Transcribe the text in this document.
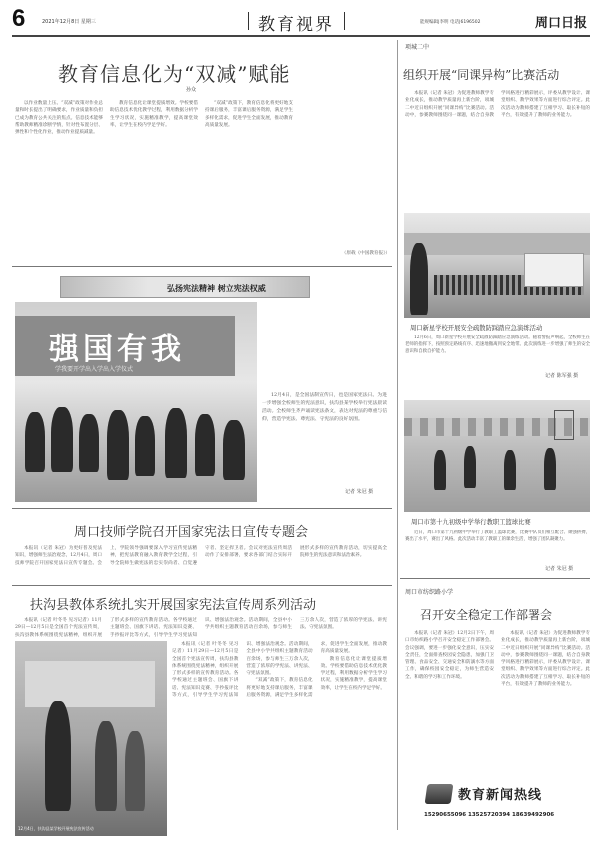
6	2021年12月8日 星期三	教育视界	能规编辑|李明 电话|6196502	周口日报
教育信息化为“双减”赋能
孙众

以作业数量上压、“双减”政策对作业总量和时长提出了明确要求，作业质量和负担已成为教育公共关注的焦点。信息技术能够帮助教师精准诊断学情，针对性布置分层、弹性和个性化作业，推动作业提质减量。

教育信息化让课堂提质增效。学校要借助信息技术优化教学过程，利用数据分析学生学习状况，实施精准教学，提高课堂效率，让学生在校内学足学好。

“双减”政策下，教育信息化将更好地支持课后服务，丰富课后服务资源，满足学生多样化需求，促进学生全面发展，推动教育高质量发展。

（原载《中国教育报》）

弘扬宪法精神 树立宪法权威
强国有我
学我要开学出入学出入学仪式

12月4日，是全国法制宣传日，也是国家宪法日。为进一步增强全校师生的宪法意识，扶沟县某学校举行宪法晨读活动。全校师生齐声诵读宪法条文，表达对宪法的尊重与信仰，营造学宪法、尊宪法、守宪法的良好氛围。

记者 朱冠 摄
周口技师学院召开国家宪法日宣传专题会

本报讯（记者 朱冠）为更好普及宪法知识，增强师生法治观念，12月4日，周口技师学院召开国家宪法日宣传专题会。会上，学院领导强调要深入学习宣传宪法精神，把宪法教育融入教育教学全过程，引导全院师生做宪法的忠实崇尚者、自觉遵守者、坚定捍卫者。会议对宪法宣传周活动作了安排部署，要求各部门结合实际开展形式多样的宣传教育活动，切实提高全院师生的宪法意识和法治素养。

扶沟县教体系统扎实开展国家宪法宣传周系列活动

本报讯（记者 叶冬冬 见习记者）11月29日—12月5日是全国首个宪法宣传周，扶沟县教体系统围绕宪法精神，组织开展了形式多样的宣传教育活动。各学校通过主题班会、国旗下讲话、宪法知识竞赛、手抄报评比等方式，引导学生学习宪法知识、增强法治观念。活动期间，全县中小学共组织主题教育活动百余场，参与师生三万余人次，营造了浓厚的学宪法、讲宪法、守宪法氛围。

12月4日，扶沟县某学校开展宪法宣传活动

本报讯（记者 叶冬冬 见习记者）11月29日—12月5日是全国首个宪法宣传周，扶沟县教体系统围绕宪法精神，组织开展了形式多样的宣传教育活动。各学校通过主题班会、国旗下讲话、宪法知识竞赛、手抄报评比等方式，引导学生学习宪法知识、增强法治观念。活动期间，全县中小学共组织主题教育活动百余场，参与师生三万余人次，营造了浓厚的学宪法、讲宪法、守宪法氛围。

“双减”政策下，教育信息化将更好地支持课后服务，丰富课后服务资源，满足学生多样化需求，促进学生全面发展，推动教育高质量发展。

教育信息化让课堂提质增效。学校要借助信息技术优化教学过程，利用数据分析学生学习状况，实施精准教学，提高课堂效率，让学生在校内学足学好。

项城二中
组织开展“同课异构”比赛活动

本报讯（记者 朱冠）为促进教师教学专业化成长，推动教学质量再上新台阶，项城二中近日组织开展“同课异构”比赛活动。活动中，参赛教师围绕同一课题，结合自身教学风格进行精彩展示，评委从教学设计、课堂组织、教学效果等方面进行综合评定。此次活动为教师搭建了互相学习、取长补短的平台，有效提升了教师的业务能力。

周口新星学校开展安全疏散防踩踏应急演练活动

12月6日，周口新星学校开展安全疏散防踩踏应急演练活动。随着警报声响起，全校师生在老师的指挥下，按照预定路线有序、迅速地撤离到安全地带。此次演练进一步增强了师生的安全意识和自救自护能力。

记者 陈军强 摄
周口市第十九初级中学举行教职工篮球比赛

近日，周口市第十九初级中学举行了教职工篮球比赛，比赛中队员们相互配合、顽强拼搏，赛出了水平，赛出了风格。此次活动丰富了教职工的课余生活，增强了团队凝聚力。

记者 朱冠 摄
周口市纺织路小学
召开安全稳定工作部署会

本报讯（记者 朱冠）12月2日下午，周口市纺织路小学召开安全稳定工作部署会。会议强调，要进一步强化安全意识，压实安全责任，全面排查校园安全隐患，加强门卫管理、食品安全、交通安全和防溺水等方面工作，确保校园安全稳定，为师生营造安全、和谐的学习和工作环境。

本报讯（记者 朱冠）为促进教师教学专业化成长，推动教学质量再上新台阶，项城二中近日组织开展“同课异构”比赛活动。活动中，参赛教师围绕同一课题，结合自身教学风格进行精彩展示，评委从教学设计、课堂组织、教学效果等方面进行综合评定。此次活动为教师搭建了互相学习、取长补短的平台，有效提升了教师的业务能力。

教育新闻热线
15290655096 13525720394 18639492906
